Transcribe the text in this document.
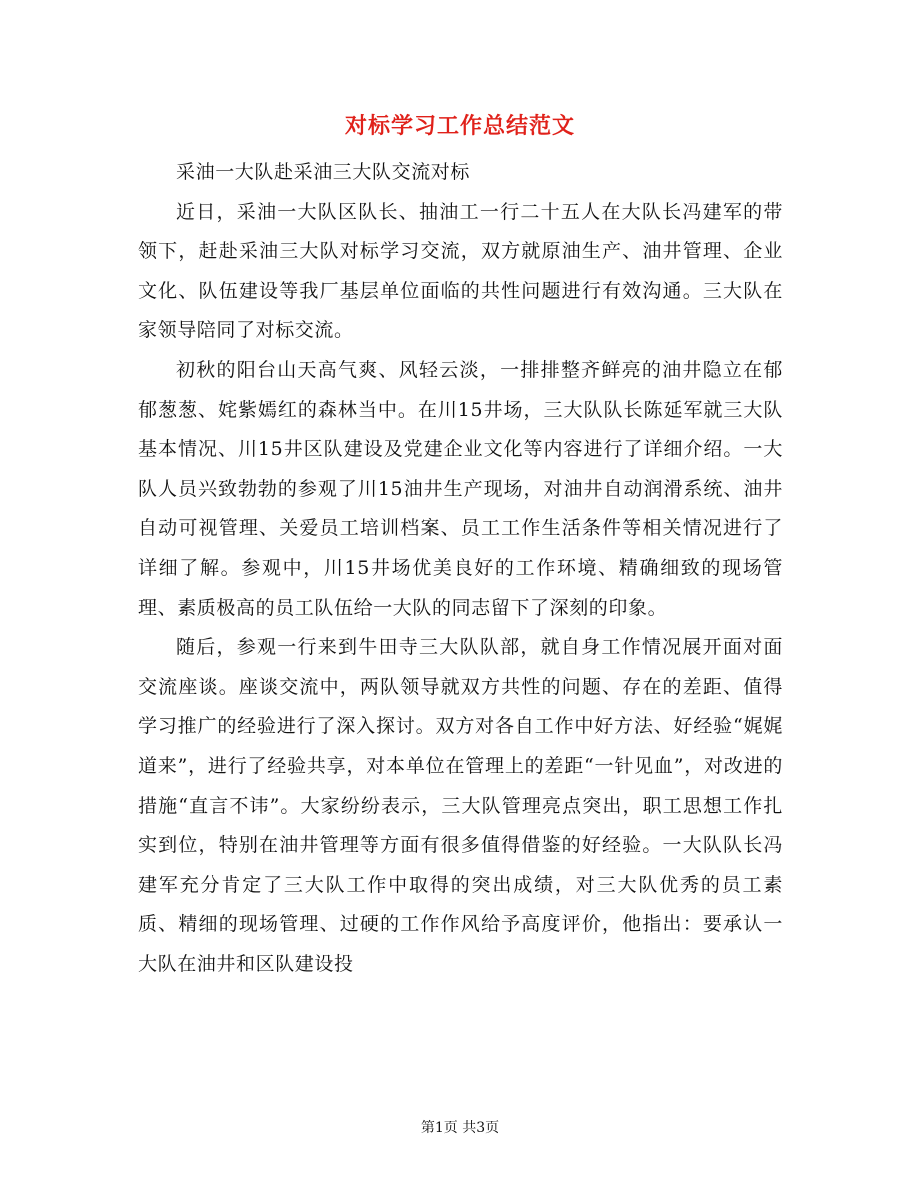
对标学习工作总结范文

采油一大队赴采油三大队交流对标

近日，采油一大队区队长、抽油工一行二十五人在大队长冯建军的带领下，赶赴采油三大队对标学习交流，双方就原油生产、油井管理、企业文化、队伍建设等我厂基层单位面临的共性问题进行有效沟通。三大队在家领导陪同了对标交流。

初秋的阳台山天高气爽、风轻云淡，一排排整齐鲜亮的油井隐立在郁郁葱葱、姹紫嫣红的森林当中。在川15井场，三大队队长陈延军就三大队基本情况、川15井区队建设及党建企业文化等内容进行了详细介绍。一大队人员兴致勃勃的参观了川15油井生产现场，对油井自动润滑系统、油井自动可视管理、关爱员工培训档案、员工工作生活条件等相关情况进行了详细了解。参观中，川15井场优美良好的工作环境、精确细致的现场管理、素质极高的员工队伍给一大队的同志留下了深刻的印象。

随后，参观一行来到牛田寺三大队队部，就自身工作情况展开面对面交流座谈。座谈交流中，两队领导就双方共性的问题、存在的差距、值得学习推广的经验进行了深入探讨。双方对各自工作中好方法、好经验“娓娓道来”，进行了经验共享，对本单位在管理上的差距“一针见血”，对改进的措施“直言不讳”。大家纷纷表示，三大队管理亮点突出，职工思想工作扎实到位，特别在油井管理等方面有很多值得借鉴的好经验。一大队队长冯建军充分肯定了三大队工作中取得的突出成绩，对三大队优秀的员工素质、精细的现场管理、过硬的工作作风给予高度评价，他指出：要承认一大队在油井和区队建设投

第1页 共3页
